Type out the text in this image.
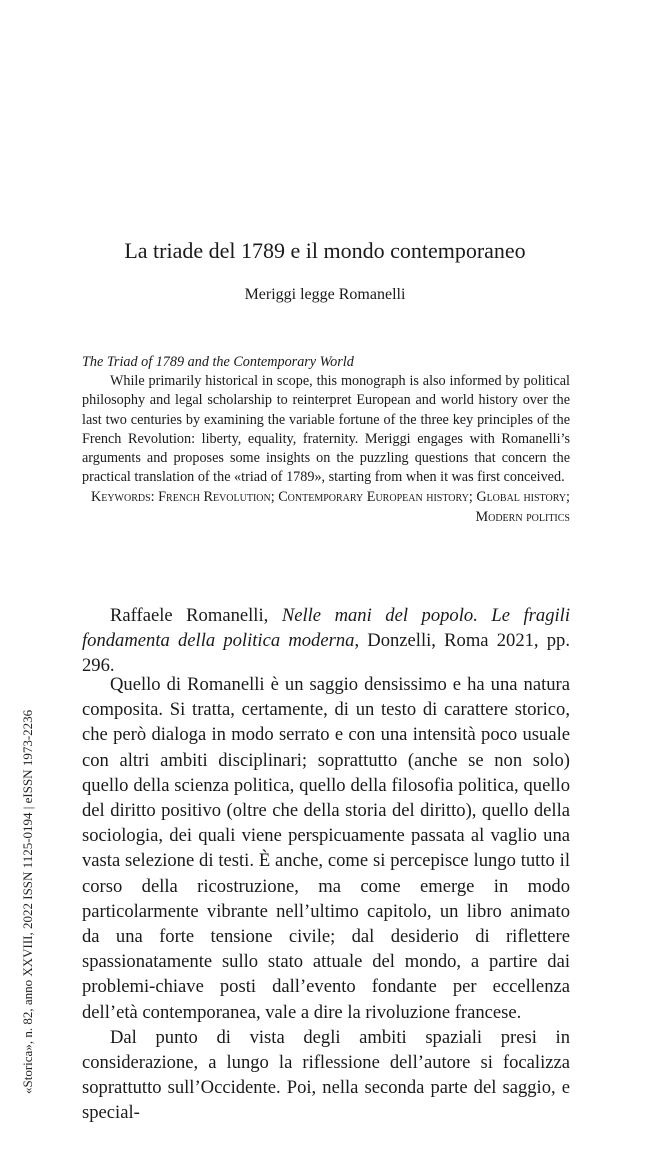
«Storica», n. 82, anno XXVIII, 2022 ISSN 1125-0194 | eISSN 1973-2236
La triade del 1789 e il mondo contemporaneo
Meriggi legge Romanelli
The Triad of 1789 and the Contemporary World
While primarily historical in scope, this monograph is also informed by political philosophy and legal scholarship to reinterpret European and world history over the last two centuries by examining the variable fortune of the three key principles of the French Revolution: liberty, equality, fraternity. Meriggi engages with Romanelli’s arguments and proposes some insights on the puzzling questions that concern the practical translation of the «triad of 1789», starting from when it was first conceived.
Keywords: French Revolution; Contemporary European history; Global history; Modern politics
Raffaele Romanelli, Nelle mani del popolo. Le fragili fondamenta della politica moderna, Donzelli, Roma 2021, pp. 296.

Quello di Romanelli è un saggio densissimo e ha una natura composita. Si tratta, certamente, di un testo di carattere storico, che però dialoga in modo serrato e con una intensità poco usuale con altri ambiti disciplinari; soprattutto (anche se non solo) quello della scienza politica, quello della filosofia politica, quello del diritto positivo (oltre che della storia del diritto), quello della sociologia, dei quali viene perspicuamente passata al vaglio una vasta selezione di testi. È anche, come si percepisce lungo tutto il corso della ricostruzione, ma come emerge in modo particolarmente vibrante nell’ultimo capitolo, un libro animato da una forte tensione civile; dal desiderio di riflettere spassionatamente sullo stato attuale del mondo, a partire dai problemi-chiave posti dall’evento fondante per eccellenza dell’età contemporanea, vale a dire la rivoluzione francese.

Dal punto di vista degli ambiti spaziali presi in considerazione, a lungo la riflessione dell’autore si focalizza soprattutto sull’Occidente. Poi, nella seconda parte del saggio, e special-
